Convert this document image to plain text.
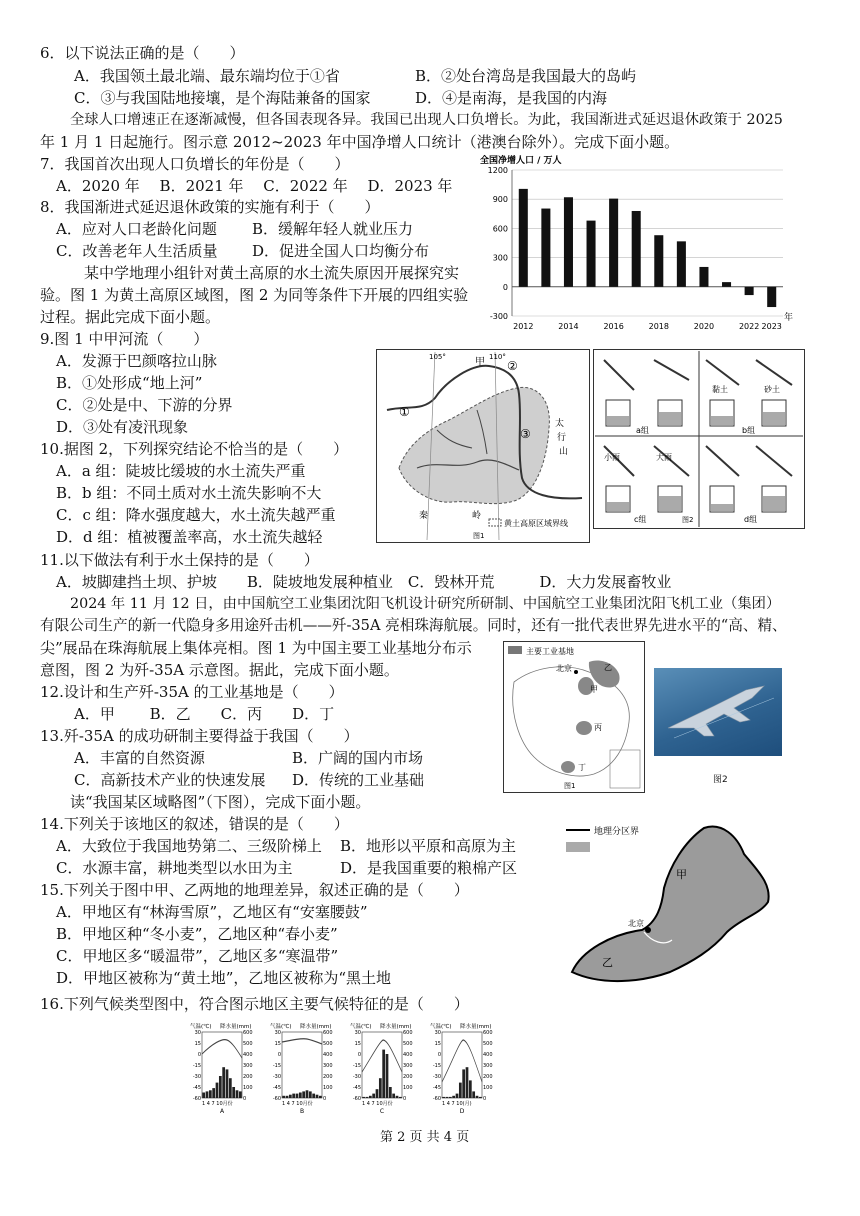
6．以下说法正确的是（　　）
A．我国领土最北端、最东端均位于①省	B．②处台湾岛是我国最大的岛屿
C．③与我国陆地接壤，是个海陆兼备的国家	D．④是南海，是我国的内海
全球人口增速正在逐渐减慢，但各国表现各异。我国已出现人口负增长。为此，我国渐进式延迟退休政策于 2025
年 1 月 1 日起施行。图示意 2012~2023 年中国净增人口统计（港澳台除外）。完成下面小题。
7．我国首次出现人口负增长的年份是（　　）
A．2020 年　 B．2021 年　 C．2022 年　 D．2023 年
8．我国渐进式延迟退休政策的实施有利于（　　）
A．应对人口老龄化问题 B．缓解年轻人就业压力
C．改善老年人生活质量 D．促进全国人口均衡分布
某中学地理小组针对黄土高原的水土流失原因开展探究实
验。图 1 为黄土高原区域图，图 2 为同等条件下开展的四组实验
过程。据此完成下面小题。
全国净增人口 / 万人
1200
900
600
300
0
-300
2012	2014	2016	2018	2020	2022 2023
年
9.图 1 中甲河流（　　）
A．发源于巴颜喀拉山脉
B．①处形成“地上河”
C．②处是中、下游的分界
D．③处有凌汛现象
10.据图 2，下列探究结论不恰当的是（　　）
A．a 组：陡坡比缓坡的水土流失严重
B．b 组：不同土质对水土流失影响不大
C．c 组：降水强度越大，水土流失越严重
D．d 组：植被覆盖率高，水土流失越轻
105°	110°
甲 ②
①
③
太
行
山
秦	岭
黄土高原区域界线
图1
a组
黏土	砂土
b组
小雨	大雨
c组	图2	d组
11.以下做法有利于水土保持的是（　　）
A．坡脚建挡土坝、护坡　　B．陡坡地发展种植业　C．毁林开荒　　　D．大力发展畜牧业
2024 年 11 月 12 日，由中国航空工业集团沈阳飞机设计研究所研制、中国航空工业集团沈阳飞机工业（集团）
有限公司生产的新一代隐身多用途歼击机——歼-35A 亮相珠海航展。同时，还有一批代表世界先进水平的“高、精、
尖”展品在珠海航展上集体亮相。图 1 为中国主要工业基地分布示
意图，图 2 为歼-35A 示意图。据此，完成下面小题。
12.设计和生产歼-35A 的工业基地是（　　）
A．甲　　 B．乙　　C．丙　　D．丁
13.歼-35A 的成功研制主要得益于我国（　　）
A．丰富的自然资源	B．广阔的国内市场
C．高新技术产业的快速发展 D．传统的工业基础
主要工业基地
北京
甲
乙
丙
丁
图1
图2
读“我国某区域略图”（下图），完成下面小题。
14.下列关于该地区的叙述，错误的是（　　）
A．大致位于我国地势第二、三级阶梯上 B．地形以平原和高原为主
C．水源丰富，耕地类型以水田为主	D．是我国重要的粮棉产区
15.下列关于图中甲、乙两地的地理差异，叙述正确的是（　　）
A．甲地区有“林海雪原”，乙地区有“安塞腰鼓”
B．甲地区种“冬小麦”，乙地区种“春小麦”
C．甲地区多“暖温带”，乙地区多“寒温带”
D．甲地区被称为“黄土地”，乙地区被称为“黑土地
地理分区界
北京
甲
乙
16.下列气候类型图中，符合图示地区主要气候特征的是（　　）
气温(℃) 降水量(mm)
30	600
15	500
0	400
-15	300
-30	200
-45	100
-60	0
1 4 7 10月份
A
气温(℃) 降水量(mm)
30	600
15	500
0	400
-15	300
-30	200
-45	100
-60	0
1 4 7 10月份
B
气温(℃) 降水量(mm)
30	600
15	500
0	400
-15	300
-30	200
-45	100
-60	0
1 4 7 10月份
C
气温(℃) 降水量(mm)
30	600
15	500
0	400
-15	300
-30	200
-45	100
-60	0
1 4 7 10(月)
D
第 2 页 共 4 页
